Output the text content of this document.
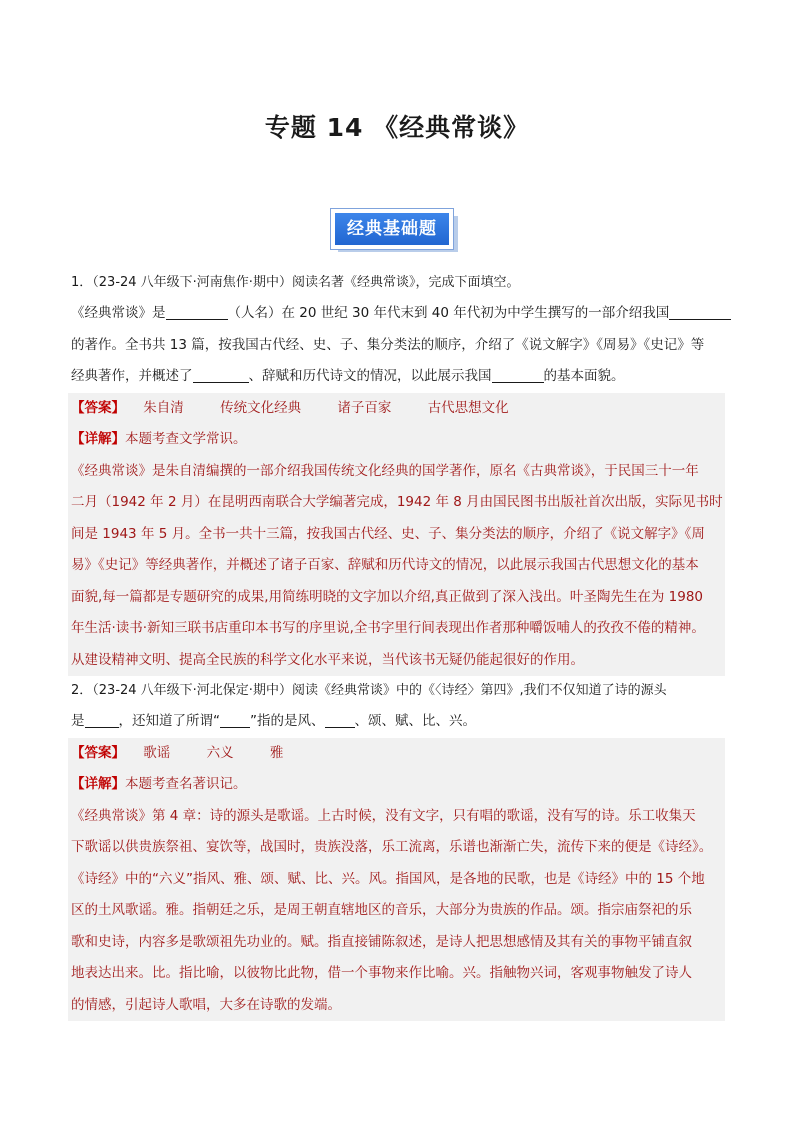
专题 14 《经典常谈》
经典基础题
1．（23-24 八年级下·河南焦作·期中）阅读名著《经典常谈》，完成下面填空。
《经典常谈》是	（人名）在 20 世纪 30 年代末到 40 年代初为中学生撰写的一部介绍我国
的著作。全书共 13 篇，按我国古代经、史、子、集分类法的顺序，介绍了《说文解字》《周易》《史记》等
经典著作，并概述了	、辞赋和历代诗文的情况，以此展示我国	的基本面貌。
【答案】 朱自清	传统文化经典	诸子百家	古代思想文化
【详解】本题考查文学常识。
《经典常谈》是朱自清编撰的一部介绍我国传统文化经典的国学著作，原名《古典常谈》，于民国三十一年
二月（1942 年 2 月）在昆明西南联合大学编著完成，1942 年 8 月由国民图书出版社首次出版，实际见书时
间是 1943 年 5 月。全书一共十三篇，按我国古代经、史、子、集分类法的顺序，介绍了《说文解字》《周
易》《史记》等经典著作，并概述了诸子百家、辞赋和历代诗文的情况，以此展示我国古代思想文化的基本
面貌,每一篇都是专题研究的成果,用简练明晓的文字加以介绍,真正做到了深入浅出。叶圣陶先生在为 1980
年生活·读书·新知三联书店重印本书写的序里说,全书字里行间表现出作者那种嚼饭哺人的孜孜不倦的精神。
从建设精神文明、提高全民族的科学文化水平来说，当代该书无疑仍能起很好的作用。
2．（23-24 八年级下·河北保定·期中）阅读《经典常谈》中的《〈诗经〉第四》,我们不仅知道了诗的源头
是	，还知道了所谓“ ”指的是风、 、颂、赋、比、兴。
【答案】 歌谣	六义	雅
【详解】本题考查名著识记。
《经典常谈》第 4 章：诗的源头是歌谣。上古时候，没有文字，只有唱的歌谣，没有写的诗。乐工收集天
下歌谣以供贵族祭祖、宴饮等，战国时，贵族没落，乐工流离，乐谱也渐渐亡失，流传下来的便是《诗经》。
《诗经》中的“六义”指风、雅、颂、赋、比、兴。风。指国风，是各地的民歌，也是《诗经》中的 15 个地
区的土风歌谣。雅。指朝廷之乐，是周王朝直辖地区的音乐，大部分为贵族的作品。颂。指宗庙祭祀的乐
歌和史诗，内容多是歌颂祖先功业的。赋。指直接铺陈叙述，是诗人把思想感情及其有关的事物平铺直叙
地表达出来。比。指比喻，以彼物比此物，借一个事物来作比喻。兴。指触物兴词，客观事物触发了诗人
的情感，引起诗人歌唱，大多在诗歌的发端。
